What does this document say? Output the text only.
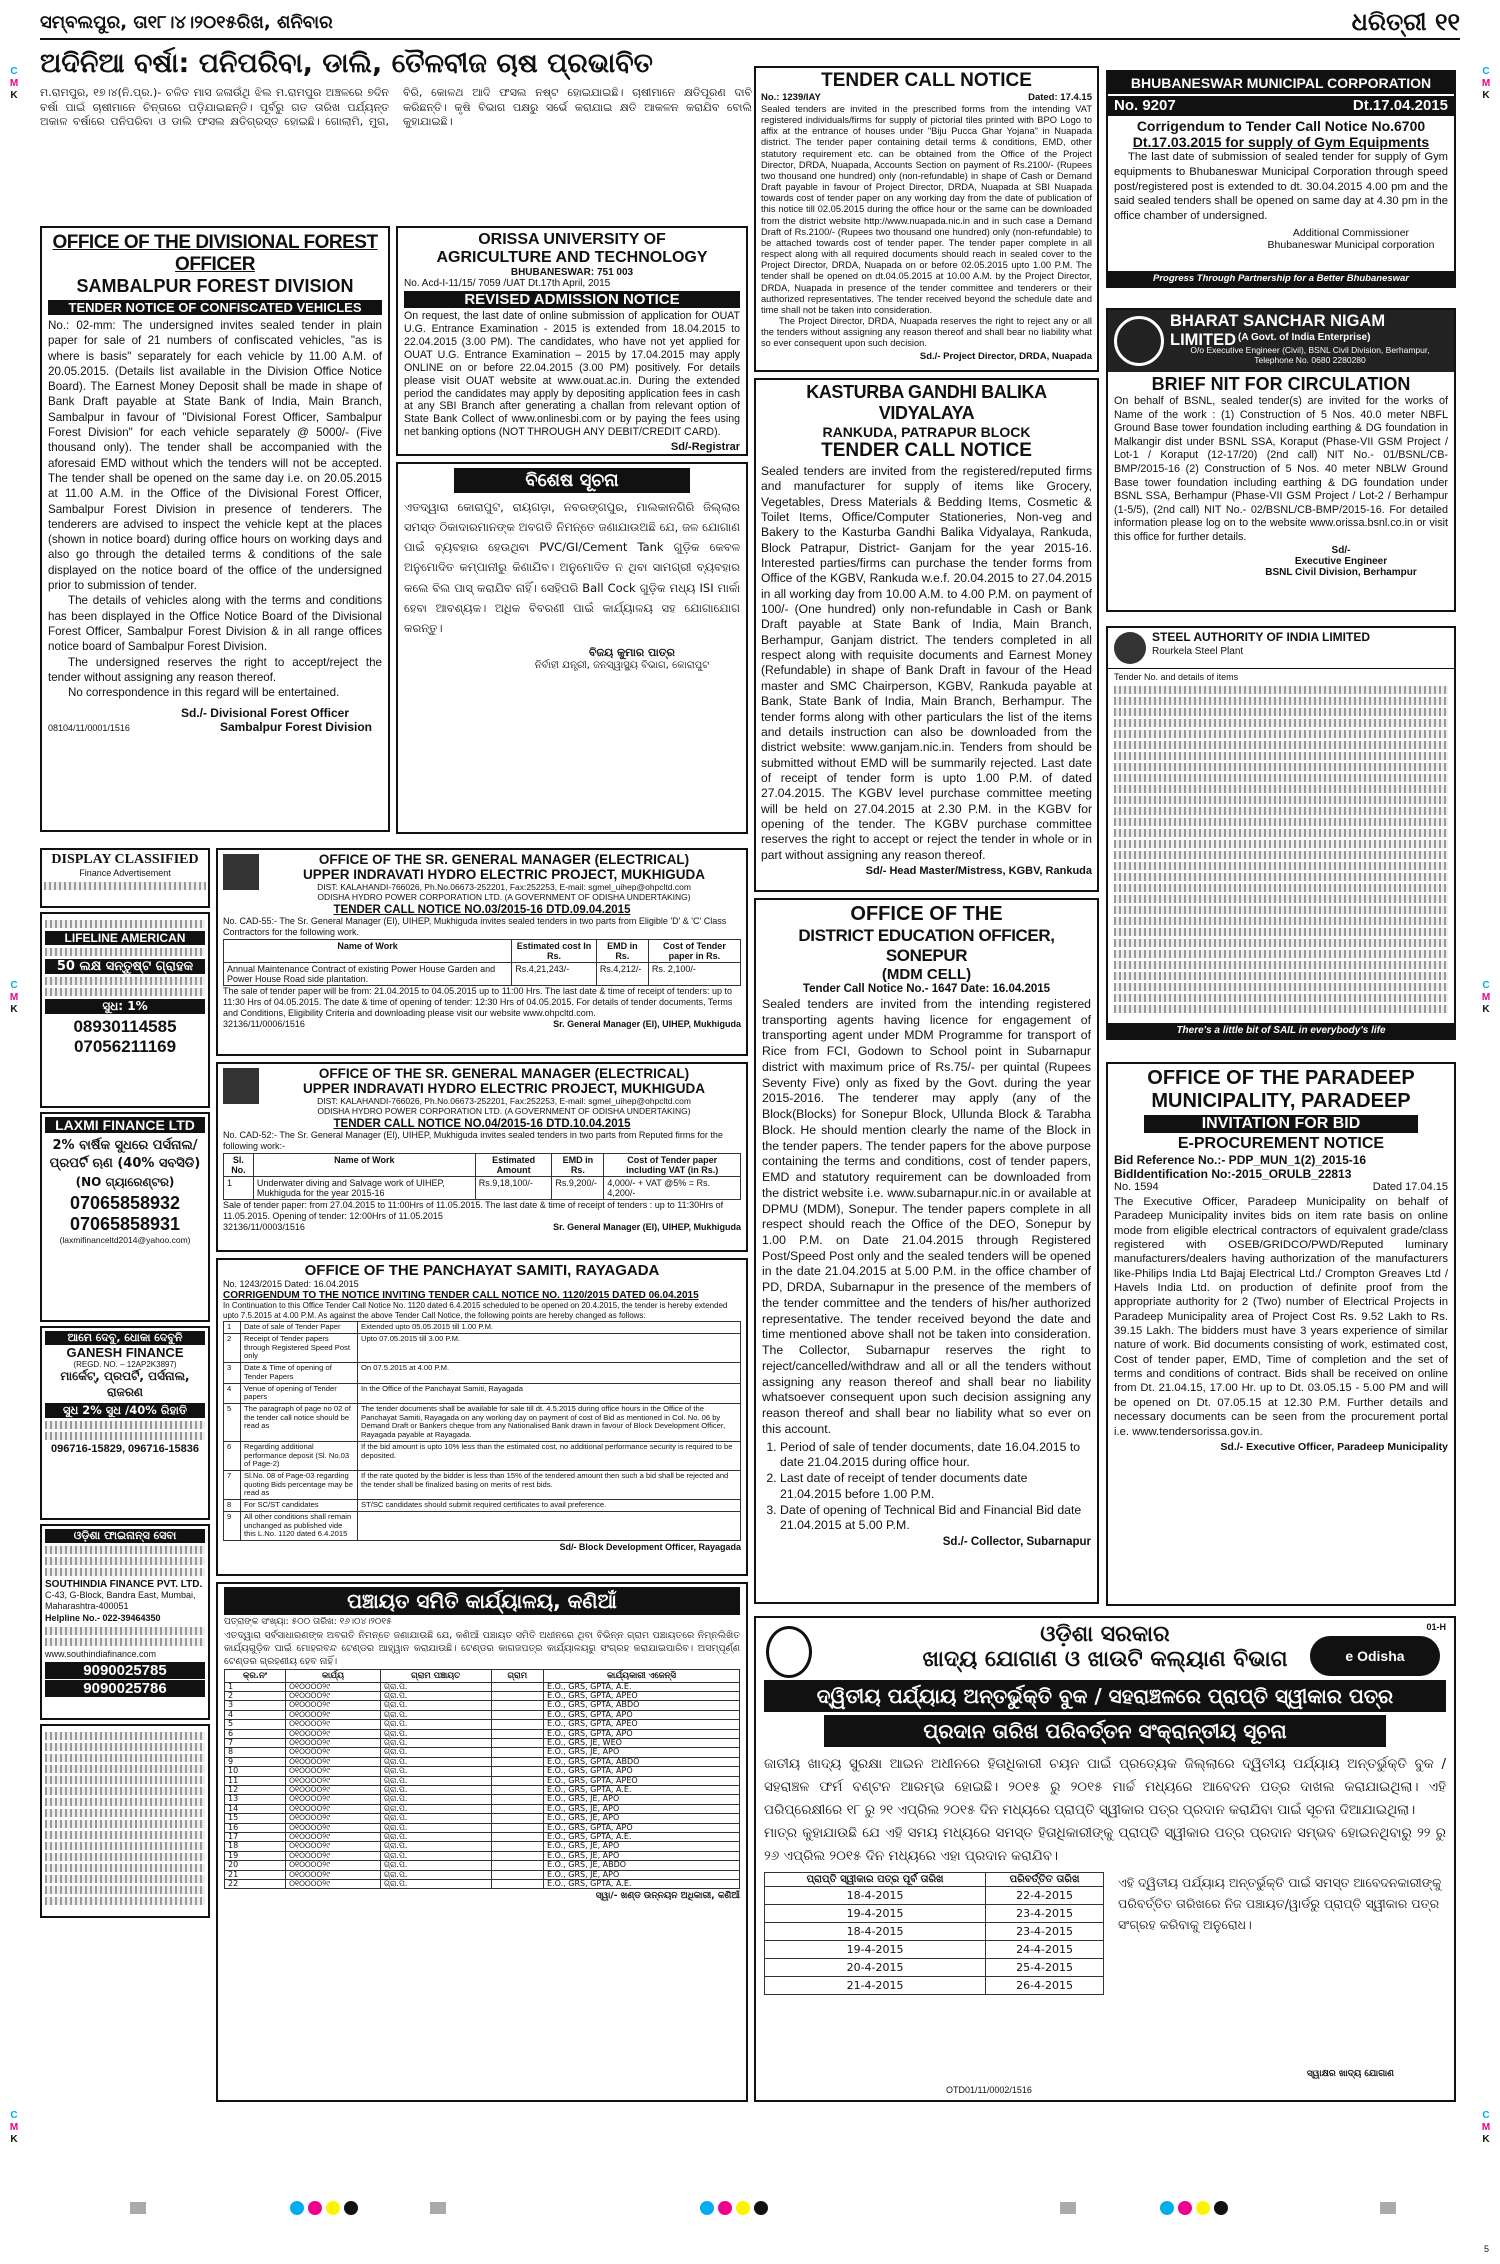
ସମ୍ବଲପୁର, ତା୧୮।୪।୨୦୧୫ରିଖ, ଶନିବାର	ଧରିତ୍ରୀ ୧୧
C
M
K
C
M
K
C
M
K
C
M
K
C
M
K
C
M
K
ଅଦିନିଆ ବର୍ଷା: ପନିପରିବା, ଡାଲି, ତୈଳବୀଜ ଚାଷ ପ୍ରଭାବିତ
ମ.ରାମପୁର, ୧୭।୪(ନି.ପ୍ର.)- ଚଳିତ ମାସ ଜଳାଉଁଥି ଝିଲ ମ.ରାମପୁର ଅଞ୍ଚଳରେ ୭ଦିନ ବର୍ଷା ପାଇଁ ଚାଷୀମାନେ ଚିନ୍ତାରେ ପଡ଼ିଯାଇଛନ୍ତି। ପୂର୍ବରୁ ଗତ ତାରିଖ ପର୍ଯ୍ୟନ୍ତ ଅକାଳ ବର୍ଷାରେ ପନିପରିବା ଓ ଡାଲି ଫସଲ କ୍ଷତିଗ୍ରସ୍ତ ହୋଇଛି। ଗୋଲାମି, ମୁଗ, ବିରି, କୋଳଥ ଆଦି ଫସଲ ନଷ୍ଟ ହୋଇଯାଇଛି। ଚାଷୀମାନେ କ୍ଷତିପୂରଣ ଦାବି କରିଛନ୍ତି। କୃଷି ବିଭାଗ ପକ୍ଷରୁ ସର୍ଭେ କରାଯାଇ କ୍ଷତି ଆକଳନ କରାଯିବ ବୋଲି କୁହାଯାଇଛି।
OFFICE OF THE DIVISIONAL FOREST OFFICER
SAMBALPUR FOREST DIVISION
TENDER NOTICE OF CONFISCATED VEHICLES

No.: 02-mm: The undersigned invites sealed tender in plain paper for sale of 21 numbers of confiscated vehicles, "as is where is basis" separately for each vehicle by 11.00 A.M. of 20.05.2015. (Details list available in the Division Office Notice Board). The Earnest Money Deposit shall be made in shape of Bank Draft payable at State Bank of India, Main Branch, Sambalpur in favour of "Divisional Forest Officer, Sambalpur Forest Division" for each vehicle separately @ 5000/- (Five thousand only). The tender shall be accompanied with the aforesaid EMD without which the tenders will not be accepted. The tender shall be opened on the same day i.e. on 20.05.2015 at 11.00 A.M. in the Office of the Divisional Forest Officer, Sambalpur Forest Division in presence of tenderers. The tenderers are advised to inspect the vehicle kept at the places (shown in notice board) during office hours on working days and also go through the detailed terms & conditions of the sale displayed on the notice board of the office of the undersigned prior to submission of tender.

The details of vehicles along with the terms and conditions has been displayed in the Office Notice Board of the Divisional Forest Officer, Sambalpur Forest Division & in all range offices notice board of Sambalpur Forest Division.

The undersigned reserves the right to accept/reject the tender without assigning any reason thereof.

No correspondence in this regard will be entertained.

Sd./- Divisional Forest Officer
08104/11/0001/1516	Sambalpur Forest Division
ORISSA UNIVERSITY OF
AGRICULTURE AND TECHNOLOGY
BHUBANESWAR: 751 003
No. Acd-I-11/15/ 7059 /UAT Dt.17th April, 2015
REVISED ADMISSION NOTICE

On request, the last date of online submission of application for OUAT U.G. Entrance Examination - 2015 is extended from 18.04.2015 to 22.04.2015 (3.00 PM). The candidates, who have not yet applied for OUAT U.G. Entrance Examination – 2015 by 17.04.2015 may apply ONLINE on or before 22.04.2015 (3.00 PM) positively. For details please visit OUAT website at www.ouat.ac.in. During the extended period the candidates may apply by depositing application fees in cash at any SBI Branch after generating a challan from relevant option of State Bank Collect of www.onlinesbi.com or by paying the fees using net banking options (NOT THROUGH ANY DEBIT/CREDIT CARD).

Sd/-Registrar
ବିଶେଷ ସୂଚନା

ଏତଦ୍ୱାରା କୋରାପୁଟ, ରାୟଗଡ଼ା, ନବରଙ୍ଗପୁର, ମାଲକାନଗିରି ଜିଲ୍ଲାର ସମସ୍ତ ଠିକାଦାରମାନଙ୍କ ଅବଗତି ନିମନ୍ତେ ଜଣାଯାଉଅଛି ଯେ, ଜଳ ଯୋଗାଣ ପାଇଁ ବ୍ୟବହାର ହେଉଥିବା PVC/GI/Cement Tank ଗୁଡ଼ିକ କେବଳ ଅନୁମୋଦିତ କମ୍ପାନୀରୁ କିଣାଯିବ। ଅନୁମୋଦିତ ନ ଥିବା ସାମଗ୍ରୀ ବ୍ୟବହାର କଲେ ବିଲ ପାସ୍ କରାଯିବ ନାହିଁ। ସେହିପରି Ball Cock ଗୁଡ଼ିକ ମଧ୍ୟ ISI ମାର୍କା ହେବା ଆବଶ୍ୟକ। ଅଧିକ ବିବରଣୀ ପାଇଁ କାର୍ଯ୍ୟାଳୟ ସହ ଯୋଗାଯୋଗ କରନ୍ତୁ।

ବିଜୟ କୁମାର ପାତ୍ର
ନିର୍ବାହୀ ଯନ୍ତ୍ରୀ, ଜନସ୍ୱାସ୍ଥ୍ୟ ବିଭାଗ, କୋରାପୁଟ
TENDER CALL NOTICE
No.: 1239/IAY	Dated: 17.4.15

Sealed tenders are invited in the prescribed forms from the intending VAT registered individuals/firms for supply of pictorial tiles printed with BPO Logo to affix at the entrance of houses under "Biju Pucca Ghar Yojana" in Nuapada district. The tender paper containing detail terms & conditions, EMD, other statutory requirement etc. can be obtained from the Office of the Project Director, DRDA, Nuapada, Accounts Section on payment of Rs.2100/- (Rupees two thousand one hundred) only (non-refundable) in shape of Cash or Demand Draft payable in favour of Project Director, DRDA, Nuapada at SBI Nuapada towards cost of tender paper on any working day from the date of publication of this notice till 02.05.2015 during the office hour or the same can be downloaded from the district website http://www.nuapada.nic.in and in such case a Demand Draft of Rs.2100/- (Rupees two thousand one hundred) only (non-refundable) to be attached towards cost of tender paper. The tender paper complete in all respect along with all required documents should reach in sealed cover to the Project Director, DRDA, Nuapada on or before 02.05.2015 upto 1.00 P.M. The tender shall be opened on dt.04.05.2015 at 10.00 A.M. by the Project Director, DRDA, Nuapada in presence of the tender committee and tenderers or their authorized representatives. The tender received beyond the schedule date and time shall not be taken into consideration.

The Project Director, DRDA, Nuapada reserves the right to reject any or all the tenders without assigning any reason thereof and shall bear no liability what so ever consequent upon such decision.

Sd./- Project Director, DRDA, Nuapada
KASTURBA GANDHI BALIKA VIDYALAYA
RANKUDA, PATRAPUR BLOCK
TENDER CALL NOTICE

Sealed tenders are invited from the registered/reputed firms and manufacturer for supply of items like Grocery, Vegetables, Dress Materials & Bedding Items, Cosmetic & Toilet Items, Office/Computer Stationeries, Non-veg and Bakery to the Kasturba Gandhi Balika Vidyalaya, Rankuda, Block Patrapur, District- Ganjam for the year 2015-16. Interested parties/firms can purchase the tender forms from Office of the KGBV, Rankuda w.e.f. 20.04.2015 to 27.04.2015 in all working day from 10.00 A.M. to 4.00 P.M. on payment of 100/- (One hundred) only non-refundable in Cash or Bank Draft payable at State Bank of India, Main Branch, Berhampur, Ganjam district. The tenders completed in all respect along with requisite documents and Earnest Money (Refundable) in shape of Bank Draft in favour of the Head master and SMC Chairperson, KGBV, Rankuda payable at Bank, State Bank of India, Main Branch, Berhampur. The tender forms along with other particulars the list of the items and details instruction can also be downloaded from the district website: www.ganjam.nic.in. Tenders from should be submitted without EMD will be summarily rejected. Last date of receipt of tender form is upto 1.00 P.M. of dated 27.04.2015. The KGBV level purchase committee meeting will be held on 27.04.2015 at 2.30 P.M. in the KGBV for opening of the tender. The KGBV purchase committee reserves the right to accept or reject the tender in whole or in part without assigning any reason thereof.

Sd/- Head Master/Mistress, KGBV, Rankuda
OFFICE OF THE
DISTRICT EDUCATION OFFICER, SONEPUR
(MDM CELL)
Tender Call Notice No.- 1647 Date: 16.04.2015

Sealed tenders are invited from the intending registered transporting agents having licence for engagement of transporting agent under MDM Programme for transport of Rice from FCI, Godown to School point in Subarnapur district with maximum price of Rs.75/- per quintal (Rupees Seventy Five) only as fixed by the Govt. during the year 2015-2016. The tenderer may apply (any of the Block(Blocks) for Sonepur Block, Ullunda Block & Tarabha Block. He should mention clearly the name of the Block in the tender papers. The tender papers for the above purpose containing the terms and conditions, cost of tender papers, EMD and statutory requirement can be downloaded from the district website i.e. www.subarnapur.nic.in or available at DPMU (MDM), Sonepur. The tender papers complete in all respect should reach the Office of the DEO, Sonepur by 1.00 P.M. on Date 21.04.2015 through Registered Post/Speed Post only and the sealed tenders will be opened in the date 21.04.2015 at 5.00 P.M. in the office chamber of PD, DRDA, Subarnapur in the presence of the members of the tender committee and the tenders of his/her authorized representative. The tender received beyond the date and time mentioned above shall not be taken into consideration. The Collector, Subarnapur reserves the right to reject/cancelled/withdraw and all or all the tenders without assigning any reason thereof and shall bear no liability whatsoever consequent upon such decision assigning any reason thereof and shall bear no liability what so ever on this account.

1. Period of sale of tender documents, date 16.04.2015 to date 21.04.2015 during office hour.
2. Last date of receipt of tender documents date 21.04.2015 before 1.00 P.M.
3. Date of opening of Technical Bid and Financial Bid date 21.04.2015 at 5.00 P.M.
Sd./- Collector, Subarnapur
BHUBANESWAR MUNICIPAL CORPORATION
No. 9207	Dt.17.04.2015
Corrigendum to Tender Call Notice No.6700
Dt.17.03.2015 for supply of Gym Equipments

The last date of submission of sealed tender for supply of Gym equipments to Bhubaneswar Municipal Corporation through speed post/registered post is extended to dt. 30.04.2015 4.00 pm and the said sealed tenders shall be opened on same day at 4.30 pm in the office chamber of undersigned.

Additional Commissioner
Bhubaneswar Municipal corporation
Progress Through Partnership for a Better Bhubaneswar
BHARAT SANCHAR NIGAM LIMITED (A Govt. of India Enterprise)
O/o Executive Engineer (Civil), BSNL Civil Division, Berhampur, Telephone No. 0680 2280280
BRIEF NIT FOR CIRCULATION

On behalf of BSNL, sealed tender(s) are invited for the works of Name of the work : (1) Construction of 5 Nos. 40.0 meter NBFL Ground Base tower foundation including earthing & DG foundation in Malkangir dist under BSNL SSA, Koraput (Phase-VII GSM Project / Lot-1 / Koraput (12-17/20) (2nd call) NIT No.- 01/BSNL/CB-BMP/2015-16 (2) Construction of 5 Nos. 40 meter NBLW Ground Base tower foundation including earthing & DG foundation under BSNL SSA, Berhampur (Phase-VII GSM Project / Lot-2 / Berhampur (1-5/5), (2nd call) NIT No.- 02/BSNL/CB-BMP/2015-16. For detailed information please log on to the website www.orissa.bsnl.co.in or visit this office for further details.

Sd/-
Executive Engineer
BSNL Civil Division, Berhampur
STEEL AUTHORITY OF INDIA LIMITED
Rourkela Steel Plant
Tender No. and details of items
There's a little bit of SAIL in everybody's life
OFFICE OF THE PARADEEP
MUNICIPALITY, PARADEEP
INVITATION FOR BID
E-PROCUREMENT NOTICE
Bid Reference No.:- PDP_MUN_1(2)_2015-16
BidIdentification No:-2015_ORULB_22813
No. 1594	Dated 17.04.15

The Executive Officer, Paradeep Municipality on behalf of Paradeep Municipality invites bids on item rate basis on online mode from eligible electrical contractors of equivalent grade/class registered with OSEB/GRIDCO/PWD/Reputed luminary manufacturers/dealers having authorization of the manufacturers like-Philips India Ltd Bajaj Electrical Ltd./ Crompton Greaves Ltd / Havels India Ltd. on production of definite proof from the appropriate authority for 2 (Two) number of Electrical Projects in Paradeep Municipality area of Project Cost Rs. 9.52 Lakh to Rs. 39.15 Lakh. The bidders must have 3 years experience of similar nature of work. Bid documents consisting of work, estimated cost, Cost of tender paper, EMD, Time of completion and the set of terms and conditions of contract. Bids shall be received on online from Dt. 21.04.15, 17.00 Hr. up to Dt. 03.05.15 - 5.00 PM and will be opened on Dt. 07.05.15 at 12.30 P.M. Further details and necessary documents can be seen from the procurement portal i.e. www.tendersorissa.gov.in.

Sd./- Executive Officer, Paradeep Municipality
DISPLAY CLASSIFIED
Finance Advertisement
LIFELINE AMERICAN
50 ଲକ୍ଷ ସନ୍ତୁଷ୍ଟ ଗ୍ରାହକ
ସୁଧ: 1%
08930114585
07056211169
LAXMI FINANCE LTD
2% ବାର୍ଷିକ ସୁଧରେ ପର୍ସନାଲ/ପ୍ରପର୍ଟି ଋଣ (40% ସବସିଡି)
(NO ଗ୍ୟାରେଣ୍ଟର)
07065858932
07065858931
(laxmifinanceltd2014@yahoo.com)
ଆମେ ଦେବୁ, ଧୋକା ଦେବୁନି
GANESH FINANCE
(REGD. NO. – 12AP2K3897)
ମାର୍କେଟ୍, ପ୍ରପର୍ଟି, ପର୍ସନାଲ, ରାଜରଣ
ସୁଧ 2% ସୁଧ /40% ରିହାତି
096716-15829, 096716-15836
ଓଡ଼ିଶା ଫାଇନାନ୍ସ ସେବା
SOUTHINDIA FINANCE PVT. LTD.
C-43, G-Block, Bandra East, Mumbai, Maharashtra-400051
Helpline No.- 022-39464350
www.southindiafinance.com
9090025785
9090025786
OFFICE OF THE SR. GENERAL MANAGER (ELECTRICAL)
UPPER INDRAVATI HYDRO ELECTRIC PROJECT, MUKHIGUDA
DIST: KALAHANDI-766026, Ph.No.06673-252201, Fax:252253, E-mail: sgmel_uihep@ohpcltd.com
ODISHA HYDRO POWER CORPORATION LTD. (A GOVERNMENT OF ODISHA UNDERTAKING)
TENDER CALL NOTICE NO.03/2015-16 DTD.09.04.2015
No. CAD-55:- The Sr. General Manager (El), UIHEP, Mukhiguda invites sealed tenders in two parts from Eligible 'D' & 'C' Class Contractors for the following work.
Name of Work	Estimated cost In Rs.	EMD in Rs.	Cost of Tender paper in Rs.
Annual Maintenance Contract of existing Power House Garden and Power House Road side plantation.	Rs.4,21,243/-	Rs.4,212/-	Rs. 2,100/-
The sale of tender paper will be from: 21.04.2015 to 04.05.2015 up to 11:00 Hrs. The last date & time of receipt of tenders: up to 11:30 Hrs of 04.05.2015. The date & time of opening of tender: 12:30 Hrs of 04.05.2015. For details of tender documents, Terms and Conditions, Eligibility Criteria and downloading please visit our website www.ohpcltd.com.
32136/11/0006/1516	Sr. General Manager (El), UIHEP, Mukhiguda
OFFICE OF THE SR. GENERAL MANAGER (ELECTRICAL)
UPPER INDRAVATI HYDRO ELECTRIC PROJECT, MUKHIGUDA
DIST: KALAHANDI-766026, Ph.No.06673-252201, Fax:252253, E-mail: sgmel_uihep@ohpcltd.com
ODISHA HYDRO POWER CORPORATION LTD. (A GOVERNMENT OF ODISHA UNDERTAKING)
TENDER CALL NOTICE NO.04/2015-16 DTD.10.04.2015
No. CAD-52:- The Sr. General Manager (El), UIHEP, Mukhiguda invites sealed tenders in two parts from Reputed firms for the following work:-
Sl. No.	Name of Work	Estimated Amount	EMD in Rs.	Cost of Tender paper including VAT (in Rs.)
1	Underwater diving and Salvage work of UIHEP, Mukhiguda for the year 2015-16	Rs.9,18,100/-	Rs.9,200/-	4,000/- + VAT @5% = Rs. 4,200/-
Sale of tender paper: from 27.04.2015 to 11:00Hrs of 11.05.2015. The last date & time of receipt of tenders : up to 11:30Hrs of 11.05.2015. Opening of tender: 12:00Hrs of 11.05.2015
32136/11/0003/1516	Sr. General Manager (El), UIHEP, Mukhiguda
OFFICE OF THE PANCHAYAT SAMITI, RAYAGADA
No. 1243/2015 Dated: 16.04.2015
CORRIGENDUM TO THE NOTICE INVITING TENDER CALL NOTICE NO. 1120/2015 DATED 06.04.2015
In Continuation to this Office Tender Call Notice No. 1120 dated 6.4.2015 scheduled to be opened on 20.4.2015, the tender is hereby extended upto 7.5.2015 at 4.00 P.M. As against the above Tender Call Notice, the following points are hereby changed as follows:
1	Date of sale of Tender Paper	Extended upto 05.05.2015 till 1.00 P.M.
2	Receipt of Tender papers through Registered Speed Post only	Upto 07.05.2015 till 3.00 P.M.
3	Date & Time of opening of Tender Papers	On 07.5.2015 at 4.00 P.M.
4	Venue of opening of Tender papers	In the Office of the Panchayat Samiti, Rayagada
5	The paragraph of page no 02 of the tender call notice should be read as	The tender documents shall be available for sale till dt. 4.5.2015 during office hours in the Office of the Panchayat Samiti, Rayagada on any working day on payment of cost of Bid as mentioned in Col. No. 06 by Demand Draft or Bankers cheque from any Nationalised Bank drawn in favour of Block Development Officer, Rayagada payable at Rayagada.
6	Regarding additional performance deposit (Sl. No.03 of Page-2)	If the bid amount is upto 10% less than the estimated cost, no additional performance security is required to be deposited.
7	Sl.No. 08 of Page-03 regarding quoting Bids percentage may be read as	If the rate quoted by the bidder is less than 15% of the tendered amount then such a bid shall be rejected and the tender shall be finalized basing on merits of rest bids.
8	For SC/ST candidates	ST/SC candidates should submit required certificates to avail preference.
9	All other conditions shall remain unchanged as published vide this L.No. 1120 dated 6.4.2015	
Sd/- Block Development Officer, Rayagada
ପଞ୍ଚାୟତ ସମିତି କାର୍ଯ୍ୟାଳୟ, କଣିଆଁ
ପତ୍ରାଙ୍କ ସଂଖ୍ୟା: ୫୦୦ ତାରିଖ: ୧୬।୦୪।୨୦୧୫

ଏତଦ୍ୱାରା ସର୍ବସାଧାରଣଙ୍କ ଅବଗତି ନିମନ୍ତେ ଜଣାଯାଉଛି ଯେ, କଣିଆଁ ପଞ୍ଚାୟତ ସମିତି ଅଧୀନରେ ଥିବା ବିଭିନ୍ନ ଗ୍ରାମ ପଞ୍ଚାୟତରେ ନିମ୍ନଲିଖିତ କାର୍ଯ୍ୟଗୁଡ଼ିକ ପାଇଁ ମୋହରବନ୍ଦ ଟେଣ୍ଡର ଆହ୍ୱାନ କରାଯାଉଛି। ଟେଣ୍ଡର କାଗଜପତ୍ର କାର୍ଯ୍ୟାଳୟରୁ ସଂଗ୍ରହ କରାଯାଇପାରିବ। ଅସମ୍ପୂର୍ଣ୍ଣ ଟେଣ୍ଡର ଗ୍ରହଣୀୟ ହେବ ନାହିଁ।

କ୍ର.ନଂ	କାର୍ଯ୍ୟ	ଗ୍ରାମ ପଞ୍ଚାୟତ	ଗ୍ରାମ	କାର୍ଯ୍ୟକାରୀ ଏଜେନ୍ସି
1	୦୧୦୦୦୦୨୯	ଗ୍ରା.ପ.		E.O., GRS, GPTA, A.E.
2	୦୧୦୦୦୦୨୯	ଗ୍ରା.ପ.		E.O., GRS, GPTA, APEO
3	୦୧୦୦୦୦୨୯	ଗ୍ରା.ପ.		E.O., GRS, GPTA, ABDO
4	୦୧୦୦୦୦୨୯	ଗ୍ରା.ପ.		E.O., GRS, GPTA, APO
5	୦୧୦୦୦୦୨୯	ଗ୍ରା.ପ.		E.O., GRS, GPTA, APEO
6	୦୧୦୦୦୦୨୯	ଗ୍ରା.ପ.		E.O., GRS, GPTA, APO
7	୦୧୦୦୦୦୨୯	ଗ୍ରା.ପ.		E.O., GRS, JE, WEO
8	୦୧୦୦୦୦୨୯	ଗ୍ରା.ପ.		E.O., GRS, JE, APO
9	୦୧୦୦୦୦୨୯	ଗ୍ରା.ପ.		E.O., GRS, GPTA, ABDO
10	୦୧୦୦୦୦୨୯	ଗ୍ରା.ପ.		E.O., GRS, GPTA, APO
11	୦୧୦୦୦୦୨୯	ଗ୍ରା.ପ.		E.O., GRS, GPTA, APEO
12	୦୧୦୦୦୦୨୯	ଗ୍ରା.ପ.		E.O., GRS, GPTA, A.E.
13	୦୧୦୦୦୦୨୯	ଗ୍ରା.ପ.		E.O., GRS, JE, APO
14	୦୧୦୦୦୦୨୯	ଗ୍ରା.ପ.		E.O., GRS, JE, APO
15	୦୧୦୦୦୦୨୯	ଗ୍ରା.ପ.		E.O., GRS, JE, APO
16	୦୧୦୦୦୦୨୯	ଗ୍ରା.ପ.		E.O., GRS, GPTA, APO
17	୦୧୦୦୦୦୨୯	ଗ୍ରା.ପ.		E.O., GRS, GPTA, A.E.
18	୦୧୦୦୦୦୨୯	ଗ୍ରା.ପ.		E.O., GRS, JE, APO
19	୦୧୦୦୦୦୨୯	ଗ୍ରା.ପ.		E.O., GRS, JE, APO
20	୦୧୦୦୦୦୨୯	ଗ୍ରା.ପ.		E.O., GRS, JE, ABDO
21	୦୧୦୦୦୦୨୯	ଗ୍ରା.ପ.		E.O., GRS, JE, APO
22	୦୧୦୦୦୦୨୯	ଗ୍ରା.ପ.		E.O., GRS, GPTA, A.E.
ସ୍ୱା/- ଖଣ୍ଡ ଉନ୍ନୟନ ଅଧିକାରୀ, କଣିଆଁ
01-H
e Odisha
ଓଡ଼ିଶା ସରକାର
ଖାଦ୍ୟ ଯୋଗାଣ ଓ ଖାଉଟି କଲ୍ୟାଣ ବିଭାଗ
ଦ୍ୱିତୀୟ ପର୍ଯ୍ୟାୟ ଅନ୍ତର୍ଭୁକ୍ତି ବୁକ / ସହରାଞ୍ଚଳରେ ପ୍ରାପ୍ତି ସ୍ୱୀକାର ପତ୍ର
ପ୍ରଦାନ ତାରିଖ ପରିବର୍ତ୍ତନ ସଂକ୍ରାନ୍ତୀୟ ସୂଚନା

ଜାତୀୟ ଖାଦ୍ୟ ସୁରକ୍ଷା ଆଇନ ଅଧୀନରେ ହିତାଧିକାରୀ ଚୟନ ପାଇଁ ପ୍ରତ୍ୟେକ ଜିଲ୍ଲାରେ ଦ୍ୱିତୀୟ ପର୍ଯ୍ୟାୟ ଅନ୍ତର୍ଭୁକ୍ତି ବୁକ / ସହରାଞ୍ଚଳ ଫର୍ମ ବଣ୍ଟନ ଆରମ୍ଭ ହୋଇଛି। ୨୦୧୫ ରୁ ୨୦୧୫ ମାର୍ଚ୍ଚ ମଧ୍ୟରେ ଆବେଦନ ପତ୍ର ଦାଖଲ କରାଯାଇଥିଲା। ଏହି ପରିପ୍ରେକ୍ଷୀରେ ୧୮ ରୁ ୨୧ ଏପ୍ରିଲ ୨୦୧୫ ଦିନ ମଧ୍ୟରେ ପ୍ରାପ୍ତି ସ୍ୱୀକାର ପତ୍ର ପ୍ରଦାନ କରାଯିବା ପାଇଁ ସୂଚନା ଦିଆଯାଇଥିଲା।

ମାତ୍ର କୁହାଯାଉଛି ଯେ ଏହି ସମୟ ମଧ୍ୟରେ ସମସ୍ତ ହିତାଧିକାରୀଙ୍କୁ ପ୍ରାପ୍ତି ସ୍ୱୀକାର ପତ୍ର ପ୍ରଦାନ ସମ୍ଭବ ହୋଇନଥିବାରୁ ୨୨ ରୁ ୨୬ ଏପ୍ରିଲ ୨୦୧୫ ଦିନ ମଧ୍ୟରେ ଏହା ପ୍ରଦାନ କରାଯିବ।

ପ୍ରାପ୍ତି ସ୍ୱୀକାର ପତ୍ର ପୂର୍ବ ତାରିଖ	ପରିବର୍ତ୍ତିତ ତାରିଖ
18-4-2015	22-4-2015
19-4-2015	23-4-2015
18-4-2015	23-4-2015
19-4-2015	24-4-2015
20-4-2015	25-4-2015
21-4-2015	26-4-2015
ଏହି ଦ୍ୱିତୀୟ ପର୍ଯ୍ୟାୟ ଅନ୍ତର୍ଭୁକ୍ତି ପାଇଁ ସମସ୍ତ ଆବେଦନକାରୀଙ୍କୁ ପରିବର୍ତ୍ତିତ ତାରିଖରେ ନିଜ ପଞ୍ଚାୟତ/ୱାର୍ଡରୁ ପ୍ରାପ୍ତି ସ୍ୱୀକାର ପତ୍ର ସଂଗ୍ରହ କରିବାକୁ ଅନୁରୋଧ।
ସ୍ୱାକ୍ଷର ଖାଦ୍ୟ ଯୋଗାଣ
OTD01/11/0002/1516
5
